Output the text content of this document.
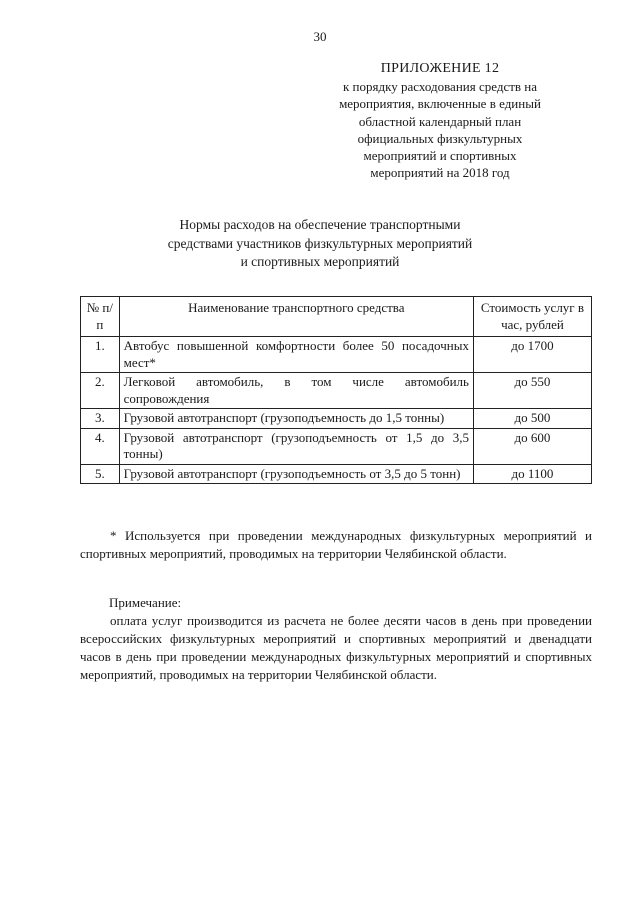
30
ПРИЛОЖЕНИЕ 12
к порядку расходования средств на
мероприятия, включенные в единый
областной календарный план
официальных физкультурных
мероприятий и спортивных
мероприятий на 2018 год
Нормы расходов на обеспечение транспортными
средствами участников физкультурных мероприятий
и спортивных мероприятий
№ п/п	Наименование транспортного средства	Стоимость услуг в час, рублей
1.	Автобус повышенной комфортности более 50 посадочных мест*	до 1700
2.	Легковой автомобиль, в том числе автомобиль сопровождения	до 550
3.	Грузовой автотранспорт (грузоподъемность до 1,5 тонны)	до 500
4.	Грузовой автотранспорт (грузоподъемность от 1,5 до 3,5 тонны)	до 600
5.	Грузовой автотранспорт (грузоподъемность от 3,5 до 5 тонн)	до 1100
* Используется при проведении международных физкультурных мероприятий и спортивных мероприятий, проводимых на территории Челябинской области.
Примечание:
оплата услуг производится из расчета не более десяти часов в день при проведении всероссийских физкультурных мероприятий и спортивных мероприятий и двенадцати часов в день при проведении международных физкультурных мероприятий и спортивных мероприятий, проводимых на территории Челябинской области.
